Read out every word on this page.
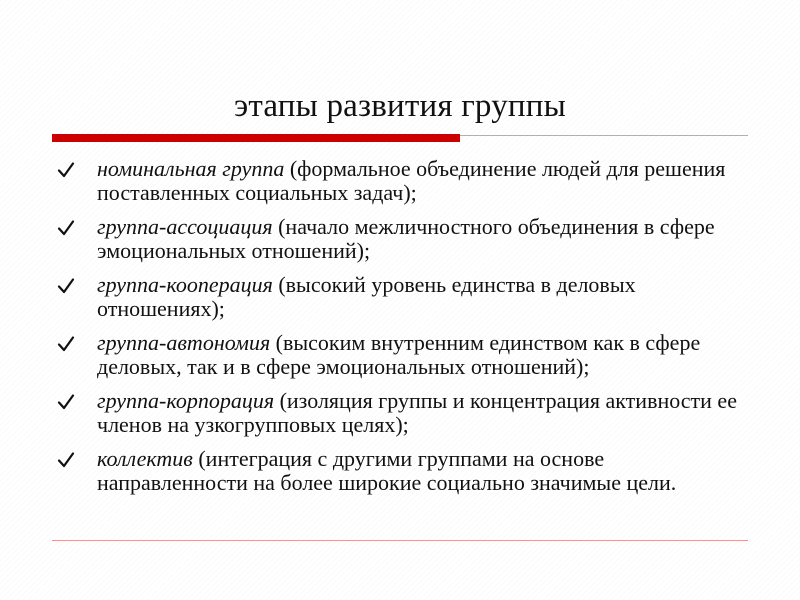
этапы развития группы
номинальная группа (формальное объединение людей для решения поставленных социальных задач);
группа-ассоциация (начало межличностного объединения в сфере эмоциональных отношений);
группа-кооперация (высокий уровень единства в деловых отношениях);
группа-автономия (высоким внутренним единством как в сфере деловых, так и в сфере эмоциональных отношений);
группа-корпорация (изоляция группы и концентрация активности ее членов на узкогрупповых целях);
коллектив (интеграция с другими группами на основе направленности на более широкие социально значимые цели.
